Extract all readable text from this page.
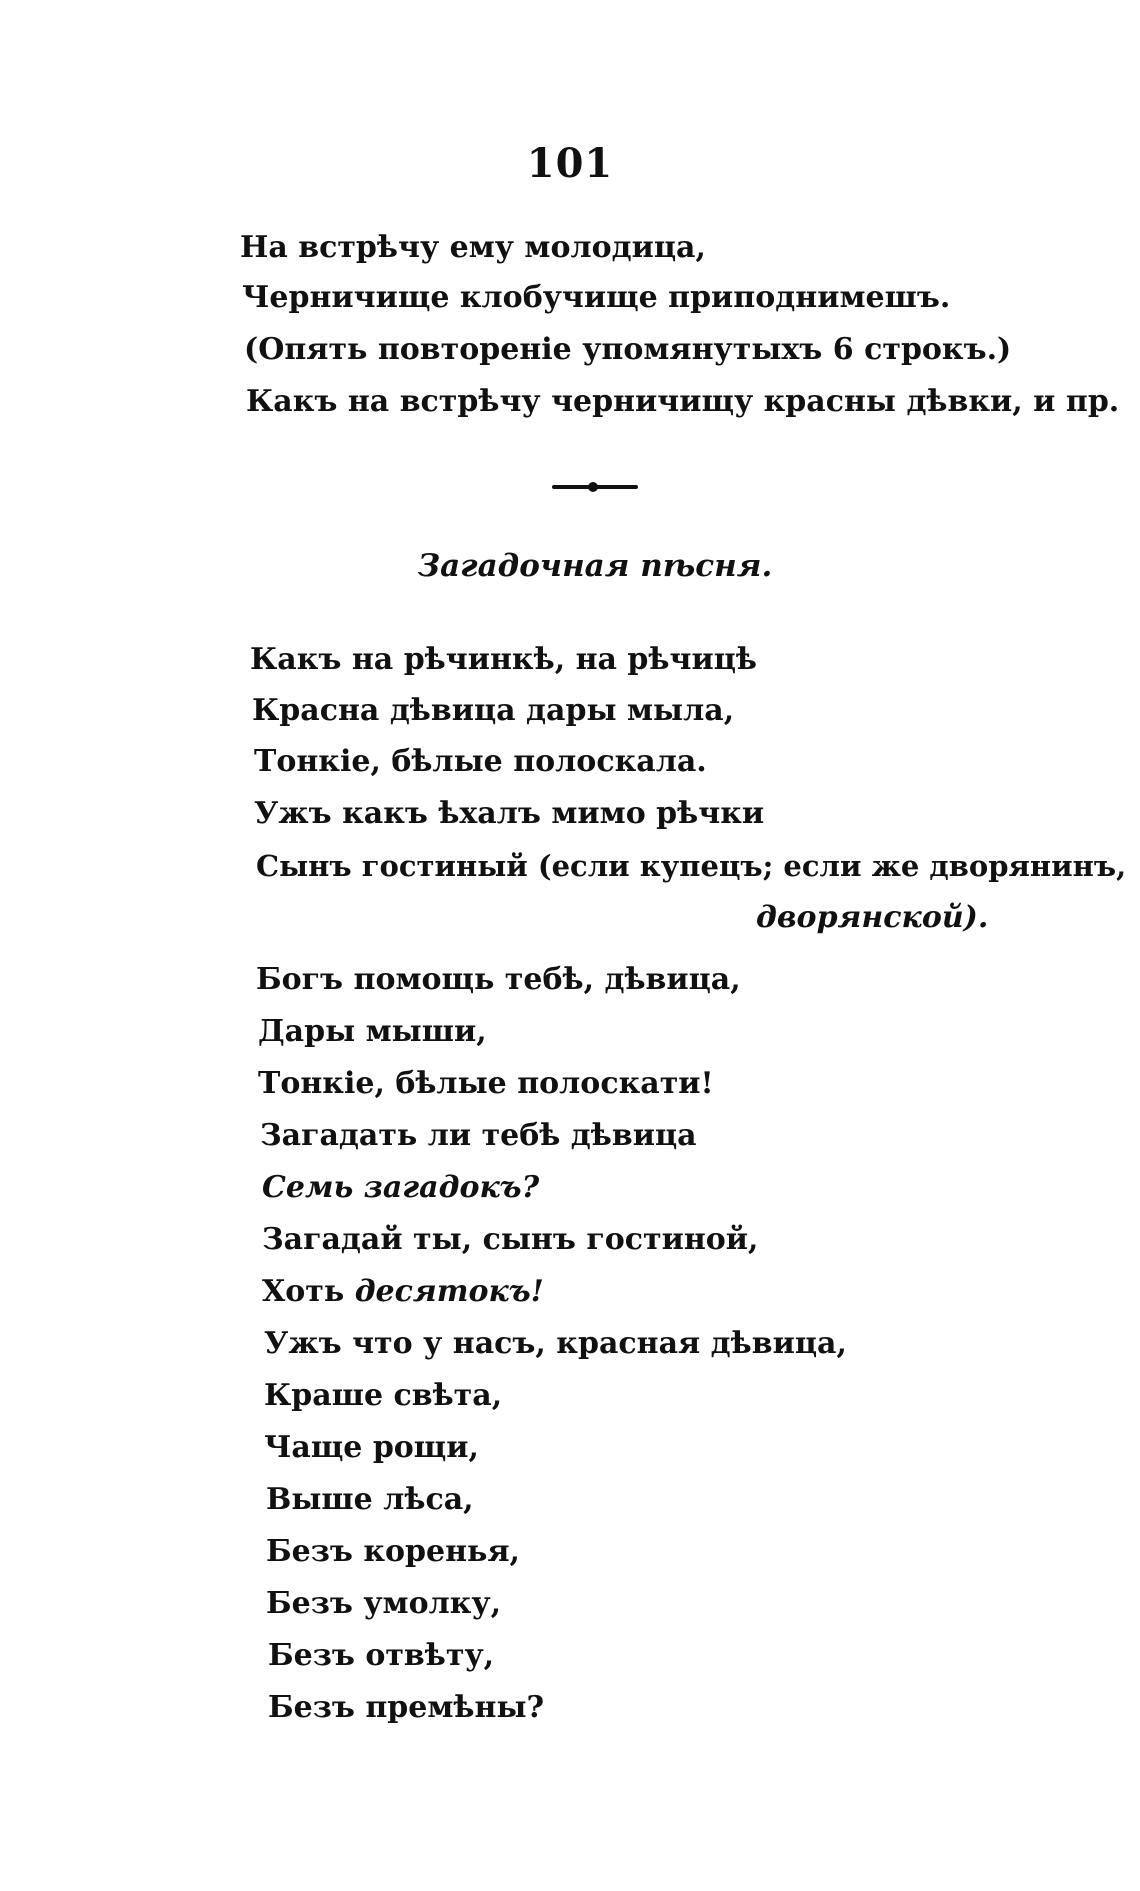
101
На встрѣчу ему молодица,
Черничище клобучище приподнимешъ.
(Опять повтореніе упомянутыхъ 6 строкъ.)
Какъ на встрѣчу черничищу красны дѣвки, и пр.
Загадочная пѣсня.
Какъ на рѣчинкѣ, на рѣчицѣ
Красна дѣвица дары мыла,
Тонкіе, бѣлые полоскала.
Ужъ какъ ѣхалъ мимо рѣчки
Сынъ гостиный (если купецъ; если же дворянинъ,
дворянской).
Богъ помощь тебѣ, дѣвица,
Дары мыши,
Тонкіе, бѣлые полоскати!
Загадать ли тебѣ дѣвица
Семь загадокъ?
Загадай ты, сынъ гостиной,
Хоть десятокъ!
Ужъ что у насъ, красная дѣвица,
Краше свѣта,
Чаще рощи,
Выше лѣса,
Безъ коренья,
Безъ умолку,
Безъ отвѣту,
Безъ премѣны?
